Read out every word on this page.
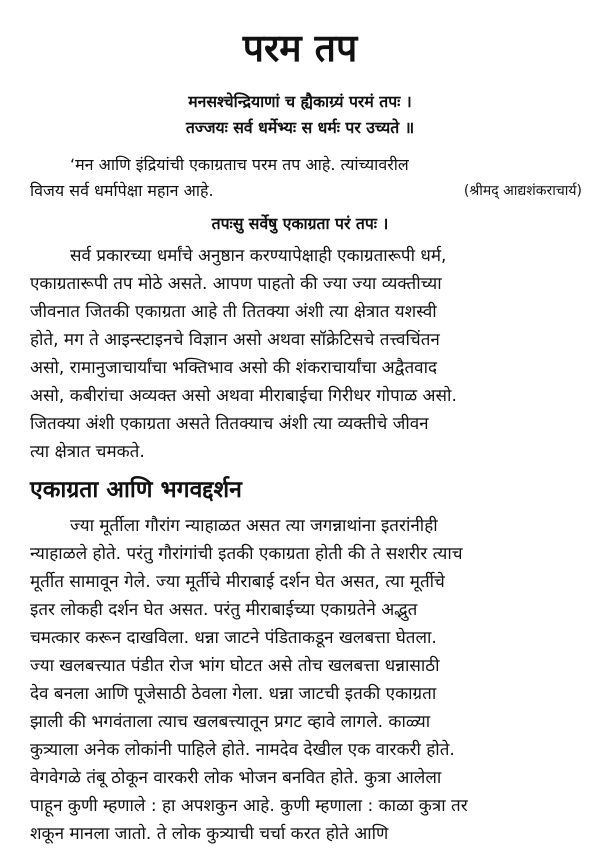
परम तप
मनसश्चेन्द्रियाणां च ह्यैकाग्र्यं परमं तपः ।
तज्जयः सर्व धर्मेभ्यः स धर्मः पर उच्यते ॥
‘मन आणि इंद्रियांची एकाग्रताच परम तप आहे. त्यांच्यावरील
विजय सर्व धर्मापेक्षा महान आहे.	(श्रीमद् आद्यशंकराचार्य)
तपःसु सर्वेषु एकाग्रता परं तपः ।
सर्व प्रकारच्या धर्मांचे अनुष्ठान करण्यापेक्षाही एकाग्रतारूपी धर्म,
एकाग्रतारूपी तप मोठे असते. आपण पाहतो की ज्या ज्या व्यक्तीच्या
जीवनात जितकी एकाग्रता आहे ती तितक्या अंशी त्या क्षेत्रात यशस्वी
होते, मग ते आइन्स्टाइनचे विज्ञान असो अथवा सॉक्रेटिसचे तत्त्वचिंतन
असो, रामानुजाचार्यांचा भक्तिभाव असो की शंकराचार्यांचा अद्वैतवाद
असो, कबीरांचा अव्यक्त असो अथवा मीराबाईचा गिरीधर गोपाळ असो.
जितक्या अंशी एकाग्रता असते तितक्याच अंशी त्या व्यक्तीचे जीवन
त्या क्षेत्रात चमकते.
एकाग्रता आणि भगवद्दर्शन
ज्या मूर्तीला गौरांग न्याहाळत असत त्या जगन्नाथांना इतरांनीही
न्याहाळले होते. परंतु गौरांगांची इतकी एकाग्रता होती की ते सशरीर त्याच
मूर्तीत सामावून गेले. ज्या मूर्तीचे मीराबाई दर्शन घेत असत, त्या मूर्तीचे
इतर लोकही दर्शन घेत असत. परंतु मीराबाईच्या एकाग्रतेने अद्भुत
चमत्कार करून दाखविला. धन्ना जाटने पंडिताकडून खलबत्ता घेतला.
ज्या खलबत्त्यात पंडीत रोज भांग घोटत असे तोच खलबत्ता धन्नासाठी
देव बनला आणि पूजेसाठी ठेवला गेला. धन्ना जाटची इतकी एकाग्रता
झाली की भगवंताला त्याच खलबत्त्यातून प्रगट व्हावे लागले. काळ्या
कुत्र्याला अनेक लोकांनी पाहिले होते. नामदेव देखील एक वारकरी होते.
वेगवेगळे तंबू ठोकून वारकरी लोक भोजन बनवित होते. कुत्रा आलेला
पाहून कुणी म्हणाले : हा अपशकुन आहे. कुणी म्हणाला : काळा कुत्रा तर
शकून मानला जातो. ते लोक कुत्र्याची चर्चा करत होते आणि
